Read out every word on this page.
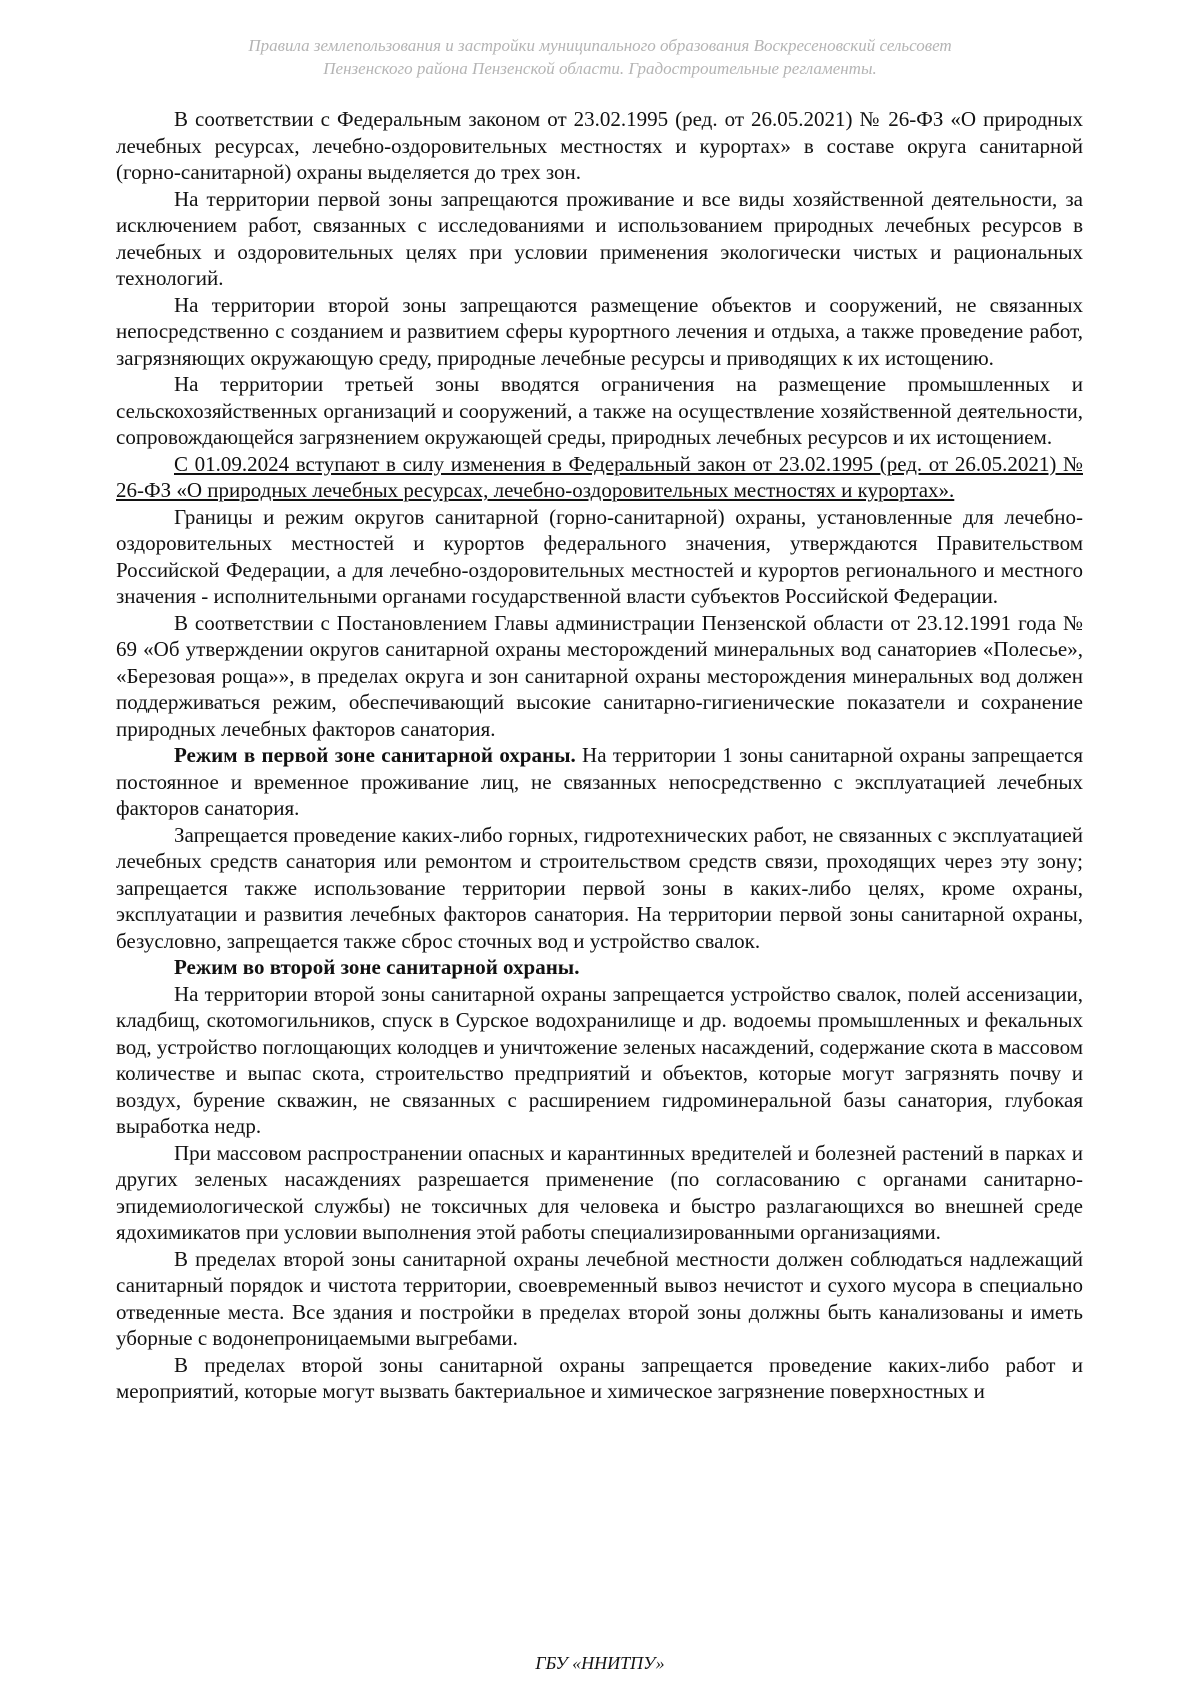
Правила землепользования и застройки муниципального образования Воскресеновский сельсовет
Пензенского района Пензенской области. Градостроительные регламенты.

В соответствии с Федеральным законом от 23.02.1995 (ред. от 26.05.2021) № 26-ФЗ «О природных лечебных ресурсах, лечебно-оздоровительных местностях и курортах» в составе округа санитарной (горно-санитарной) охраны выделяется до трех зон.

На территории первой зоны запрещаются проживание и все виды хозяйственной деятельности, за исключением работ, связанных с исследованиями и использованием природных лечебных ресурсов в лечебных и оздоровительных целях при условии применения экологически чистых и рациональных технологий.

На территории второй зоны запрещаются размещение объектов и сооружений, не связанных непосредственно с созданием и развитием сферы курортного лечения и отдыха, а также проведение работ, загрязняющих окружающую среду, природные лечебные ресурсы и приводящих к их истощению.

На территории третьей зоны вводятся ограничения на размещение промышленных и сельскохозяйственных организаций и сооружений, а также на осуществление хозяйственной деятельности, сопровождающейся загрязнением окружающей среды, природных лечебных ресурсов и их истощением.

С 01.09.2024 вступают в силу изменения в Федеральный закон от 23.02.1995 (ред. от 26.05.2021) № 26-ФЗ «О природных лечебных ресурсах, лечебно-оздоровительных местностях и курортах».

Границы и режим округов санитарной (горно-санитарной) охраны, установленные для лечебно-оздоровительных местностей и курортов федерального значения, утверждаются Правительством Российской Федерации, а для лечебно-оздоровительных местностей и курортов регионального и местного значения - исполнительными органами государственной власти субъектов Российской Федерации.

В соответствии с Постановлением Главы администрации Пензенской области от 23.12.1991 года № 69 «Об утверждении округов санитарной охраны месторождений минеральных вод санаториев «Полесье», «Березовая роща»», в пределах округа и зон санитарной охраны месторождения минеральных вод должен поддерживаться режим, обеспечивающий высокие санитарно-гигиенические показатели и сохранение природных лечебных факторов санатория.

Режим в первой зоне санитарной охраны. На территории 1 зоны санитарной охраны запрещается постоянное и временное проживание лиц, не связанных непосредственно с эксплуатацией лечебных факторов санатория.

Запрещается проведение каких-либо горных, гидротехнических работ, не связанных с эксплуатацией лечебных средств санатория или ремонтом и строительством средств связи, проходящих через эту зону; запрещается также использование территории первой зоны в каких-либо целях, кроме охраны, эксплуатации и развития лечебных факторов санатория. На территории первой зоны санитарной охраны, безусловно, запрещается также сброс сточных вод и устройство свалок.

Режим во второй зоне санитарной охраны.

На территории второй зоны санитарной охраны запрещается устройство свалок, полей ассенизации, кладбищ, скотомогильников, спуск в Сурское водохранилище и др. водоемы промышленных и фекальных вод, устройство поглощающих колодцев и уничтожение зеленых насаждений, содержание скота в массовом количестве и выпас скота, строительство предприятий и объектов, которые могут загрязнять почву и воздух, бурение скважин, не связанных с расширением гидроминеральной базы санатория, глубокая выработка недр.

При массовом распространении опасных и карантинных вредителей и болезней растений в парках и других зеленых насаждениях разрешается применение (по согласованию с органами санитарно-эпидемиологической службы) не токсичных для человека и быстро разлагающихся во внешней среде ядохимикатов при условии выполнения этой работы специализированными организациями.

В пределах второй зоны санитарной охраны лечебной местности должен соблюдаться надлежащий санитарный порядок и чистота территории, своевременный вывоз нечистот и сухого мусора в специально отведенные места. Все здания и постройки в пределах второй зоны должны быть канализованы и иметь уборные с водонепроницаемыми выгребами.

В пределах второй зоны санитарной охраны запрещается проведение каких-либо работ и мероприятий, которые могут вызвать бактериальное и химическое загрязнение поверхностных и

ГБУ «ННИТПУ»
